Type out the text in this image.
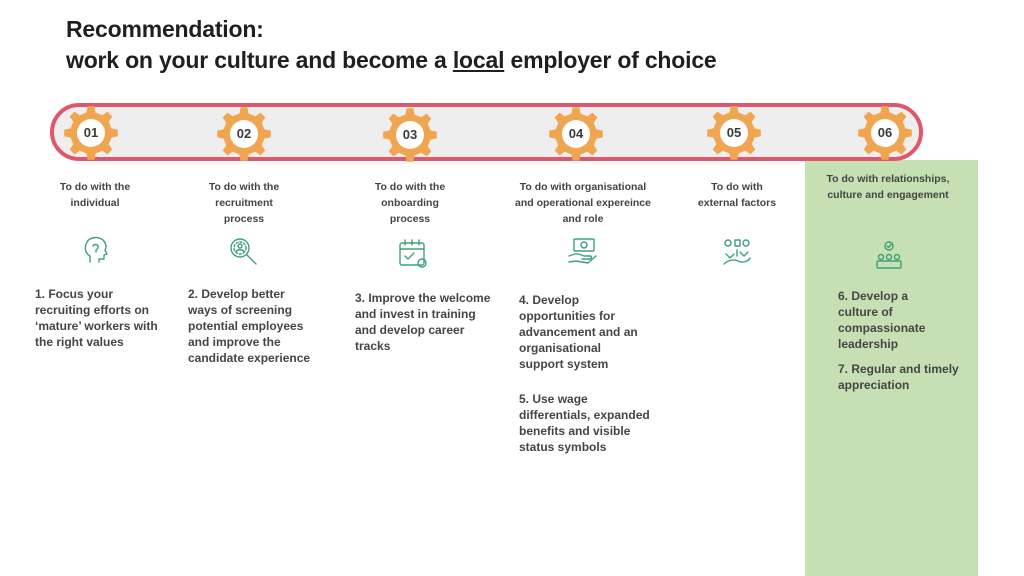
Recommendation:
work on your culture and become a local employer of choice
01	02	03	04	05	06
To do with the
individual
To do with the
recruitment
process
To do with the
onboarding
process
To do with organisational
and operational expereince
and role
To do with
external factors
To do with relationships,
culture and engagement
1. Focus your
recruiting efforts on
‘mature’ workers with
the right values
2. Develop better
ways of screening
potential employees
and improve the
candidate experience
3. Improve the welcome
and invest in training
and develop career
tracks
4. Develop
opportunities for
advancement and an
organisational
support system
5. Use wage
differentials, expanded
benefits and visible
status symbols
6. Develop a
culture of
compassionate
leadership
7. Regular and timely
appreciation
